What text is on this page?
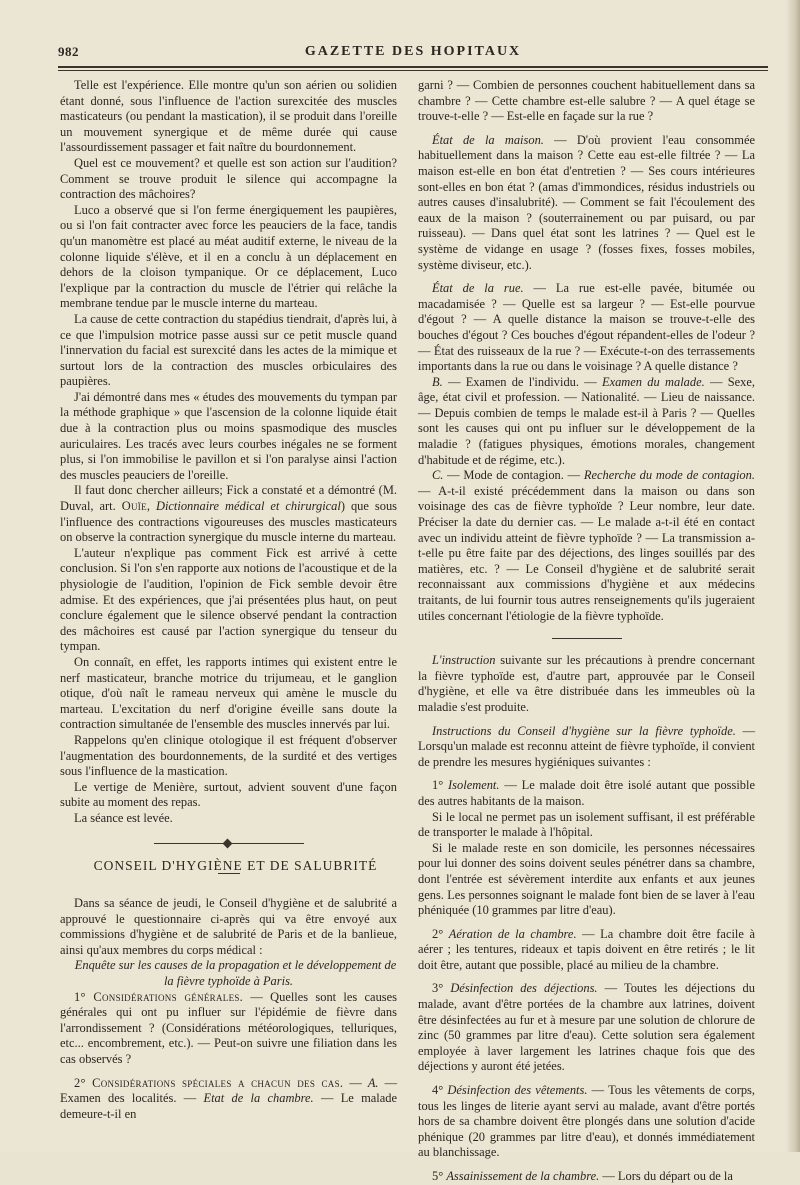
982	GAZETTE DES HOPITAUX

Telle est l'expérience. Elle montre qu'un son aérien ou solidien étant donné, sous l'influence de l'action surexcitée des muscles masticateurs (ou pendant la mastication), il se produit dans l'oreille un mouvement synergique et de même durée qui cause l'assourdissement passager et fait naître du bourdonnement.

Quel est ce mouvement? et quelle est son action sur l'audition? Comment se trouve produit le silence qui accompagne la contraction des mâchoires?

Luco a observé que si l'on ferme énergiquement les paupières, ou si l'on fait contracter avec force les peauciers de la face, tandis qu'un manomètre est placé au méat auditif externe, le niveau de la colonne liquide s'élève, et il en a conclu à un déplacement en dehors de la cloison tympanique. Or ce déplacement, Luco l'explique par la contraction du muscle de l'étrier qui relâche la membrane tendue par le muscle interne du marteau.

La cause de cette contraction du stapédius tiendrait, d'après lui, à ce que l'impulsion motrice passe aussi sur ce petit muscle quand l'innervation du facial est surexcité dans les actes de la mimique et surtout lors de la contraction des muscles orbiculaires des paupières.

J'ai démontré dans mes « études des mouvements du tympan par la méthode graphique » que l'ascension de la colonne liquide était due à la contraction plus ou moins spasmodique des muscles auriculaires. Les tracés avec leurs courbes inégales ne se forment plus, si l'on immobilise le pavillon et si l'on paralyse ainsi l'action des muscles peauciers de l'oreille.

Il faut donc chercher ailleurs; Fick a constaté et a démontré (M. Duval, art. Ouïe, Dictionnaire médical et chirurgical) que sous l'influence des contractions vigoureuses des muscles masticateurs on observe la contraction synergique du muscle interne du marteau.

L'auteur n'explique pas comment Fick est arrivé à cette conclusion. Si l'on s'en rapporte aux notions de l'acoustique et de la physiologie de l'audition, l'opinion de Fick semble devoir être admise. Et des expériences, que j'ai présentées plus haut, on peut conclure également que le silence observé pendant la contraction des mâchoires est causé par l'action synergique du tenseur du tympan.

On connaît, en effet, les rapports intimes qui existent entre le nerf masticateur, branche motrice du trijumeau, et le ganglion otique, d'où naît le rameau nerveux qui amène le muscle du marteau. L'excitation du nerf d'origine éveille sans doute la contraction simultanée de l'ensemble des muscles innervés par lui.

Rappelons qu'en clinique otologique il est fréquent d'observer l'augmentation des bourdonnements, de la surdité et des vertiges sous l'influence de la mastication.

Le vertige de Menière, surtout, advient souvent d'une façon subite au moment des repas.

La séance est levée.

CONSEIL D'HYGIÈNE ET DE SALUBRITÉ

Dans sa séance de jeudi, le Conseil d'hygiène et de salubrité a approuvé le questionnaire ci-après qui va être envoyé aux commissions d'hygiène et de salubrité de Paris et de la banlieue, ainsi qu'aux membres du corps médical :

Enquête sur les causes de la propagation et le développement de la fièvre typhoïde à Paris.

1° Considérations générales. — Quelles sont les causes générales qui ont pu influer sur l'épidémie de fièvre dans l'arrondissement ? (Considérations météorologiques, telluriques, etc... encombrement, etc.). — Peut-on suivre une filiation dans les cas observés ?

2° Considérations spéciales a chacun des cas. — A. — Examen des localités. — Etat de la chambre. — Le malade demeure-t-il en

garni ? — Combien de personnes couchent habituellement dans sa chambre ? — Cette chambre est-elle salubre ? — A quel étage se trouve-t-elle ? — Est-elle en façade sur la rue ?

État de la maison. — D'où provient l'eau consommée habituellement dans la maison ? Cette eau est-elle filtrée ? — La maison est-elle en bon état d'entretien ? — Ses cours intérieures sont-elles en bon état ? (amas d'immondices, résidus industriels ou autres causes d'insalubrité). — Comment se fait l'écoulement des eaux de la maison ? (souterrainement ou par puisard, ou par ruisseau). — Dans quel état sont les latrines ? — Quel est le système de vidange en usage ? (fosses fixes, fosses mobiles, système diviseur, etc.).

État de la rue. — La rue est-elle pavée, bitumée ou macadamisée ? — Quelle est sa largeur ? — Est-elle pourvue d'égout ? — A quelle distance la maison se trouve-t-elle des bouches d'égout ? Ces bouches d'égout répandent-elles de l'odeur ? — État des ruisseaux de la rue ? — Exécute-t-on des terrassements importants dans la rue ou dans le voisinage ? A quelle distance ?

B. — Examen de l'individu. — Examen du malade. — Sexe, âge, état civil et profession. — Nationalité. — Lieu de naissance. — Depuis combien de temps le malade est-il à Paris ? — Quelles sont les causes qui ont pu influer sur le développement de la maladie ? (fatigues physiques, émotions morales, changement d'habitude et de régime, etc.).

C. — Mode de contagion. — Recherche du mode de contagion. — A-t-il existé précédemment dans la maison ou dans son voisinage des cas de fièvre typhoïde ? Leur nombre, leur date. Préciser la date du dernier cas. — Le malade a-t-il été en contact avec un individu atteint de fièvre typhoïde ? — La transmission a-t-elle pu être faite par des déjections, des linges souillés par des matières, etc. ? — Le Conseil d'hygiène et de salubrité serait reconnaissant aux commissions d'hygiène et aux médecins traitants, de lui fournir tous autres renseignements qu'ils jugeraient utiles concernant l'étiologie de la fièvre typhoïde.

L'instruction suivante sur les précautions à prendre concernant la fièvre typhoïde est, d'autre part, approuvée par le Conseil d'hygiène, et elle va être distribuée dans les immeubles où la maladie s'est produite.

Instructions du Conseil d'hygiène sur la fièvre typhoïde. — Lorsqu'un malade est reconnu atteint de fièvre typhoïde, il convient de prendre les mesures hygiéniques suivantes :

1° Isolement. — Le malade doit être isolé autant que possible des autres habitants de la maison.

Si le local ne permet pas un isolement suffisant, il est préférable de transporter le malade à l'hôpital.

Si le malade reste en son domicile, les personnes nécessaires pour lui donner des soins doivent seules pénétrer dans sa chambre, dont l'entrée est sévèrement interdite aux enfants et aux jeunes gens. Les personnes soignant le malade font bien de se laver à l'eau phéniquée (10 grammes par litre d'eau).

2° Aération de la chambre. — La chambre doit être facile à aérer ; les tentures, rideaux et tapis doivent en être retirés ; le lit doit être, autant que possible, placé au milieu de la chambre.

3° Désinfection des déjections. — Toutes les déjections du malade, avant d'être portées de la chambre aux latrines, doivent être désinfectées au fur et à mesure par une solution de chlorure de zinc (50 grammes par litre d'eau). Cette solution sera également employée à laver largement les latrines chaque fois que des déjections y auront été jetées.

4° Désinfection des vêtements. — Tous les vêtements de corps, tous les linges de literie ayant servi au malade, avant d'être portés hors de sa chambre doivent être plongés dans une solution d'acide phénique (20 grammes par litre d'eau), et donnés immédiatement au blanchissage.

5° Assainissement de la chambre. — Lors du départ ou de la
